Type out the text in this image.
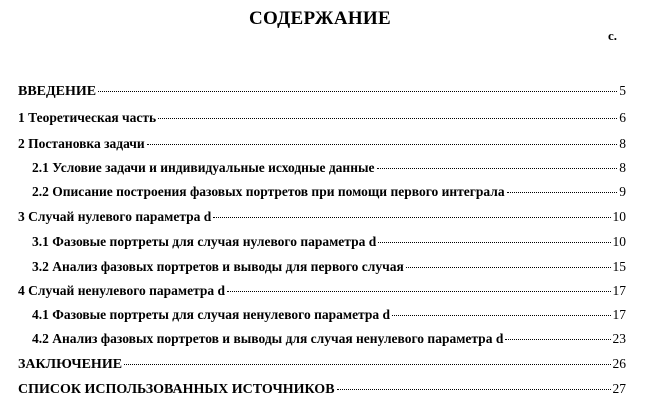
СОДЕРЖАНИЕ
с.
ВВЕДЕНИЕ	5
1 Теоретическая часть	6
2 Постановка задачи	8
2.1 Условие задачи и индивидуальные исходные данные	8
2.2 Описание построения фазовых портретов при помощи первого интеграла	9
3 Случай нулевого параметра d	10
3.1 Фазовые портреты для случая нулевого параметра d	10
3.2 Анализ фазовых портретов и выводы для первого случая	15
4 Случай ненулевого параметра d	17
4.1 Фазовые портреты для случая ненулевого параметра d	17
4.2 Анализ фазовых портретов и выводы для случая ненулевого параметра d	23
ЗАКЛЮЧЕНИЕ	26
СПИСОК ИСПОЛЬЗОВАННЫХ ИСТОЧНИКОВ	27
